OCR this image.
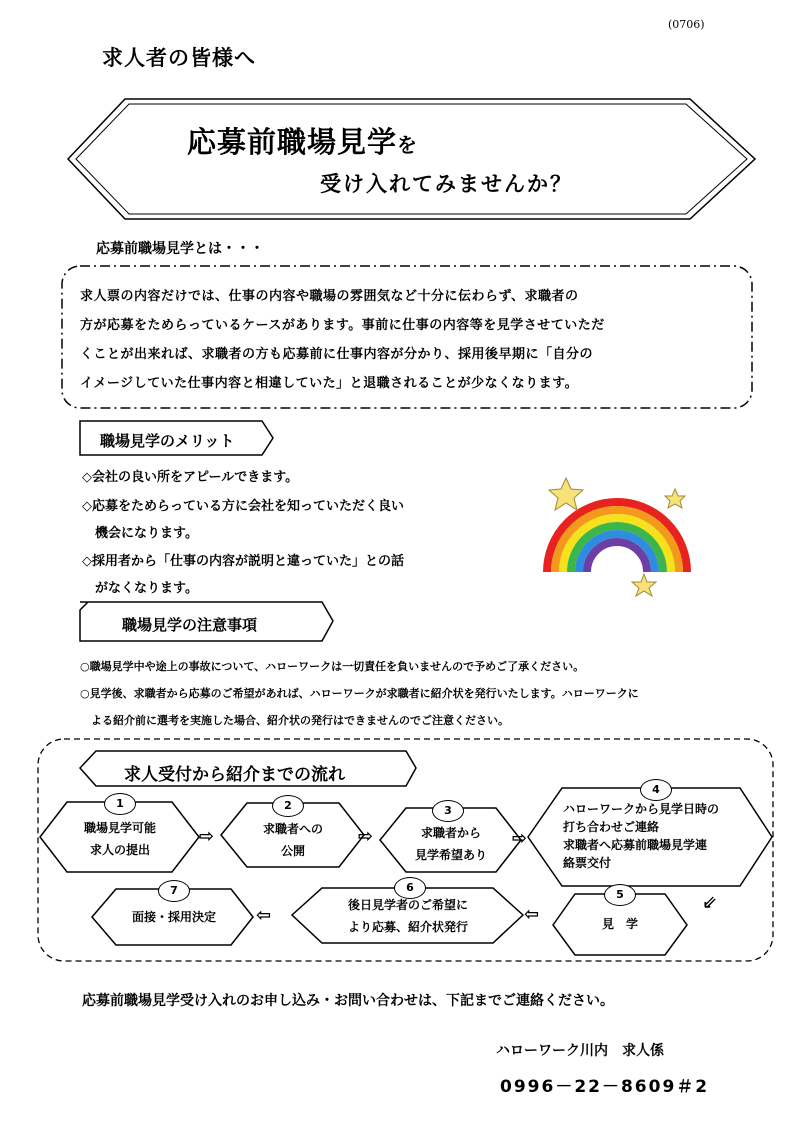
(0706)
求人者の皆様へ
応募前職場見学を
受け入れてみませんか？
応募前職場見学とは・・・
求人票の内容だけでは、仕事の内容や職場の雰囲気など十分に伝わらず、求職者の
方が応募をためらっているケースがあります。事前に仕事の内容等を見学させていただ
くことが出来れば、求職者の方も応募前に仕事内容が分かり、採用後早期に「自分の
イメージしていた仕事内容と相違していた」と退職されることが少なくなります。
職場見学のメリット
◇会社の良い所をアピールできます。
◇応募をためらっている方に会社を知っていただく良い
　機会になります。
◇採用者から「仕事の内容が説明と違っていた」との話
　がなくなります。
職場見学の注意事項
○職場見学中や途上の事故について、ハローワークは一切責任を負いませんので予めご了承ください。
○見学後、求職者から応募のご希望があれば、ハローワークが求職者に紹介状を発行いたします。ハローワークに
　よる紹介前に選考を実施した場合、紹介状の発行はできませんのでご注意ください。
求人受付から紹介までの流れ
1	2	3
4
5
6
7
職場見学可能
求人の提出
求職者への
公開
求職者から
見学希望あり
ハローワークから見学日時の
打ち合わせご連絡
求職者へ応募前職場見学連
絡票交付
見　学
後日見学者のご希望に
より応募、紹介状発行
面接・採用決定
⇨	⇨	⇨
⇙
⇦
⇦
応募前職場見学受け入れのお申し込み・お問い合わせは、下記までご連絡ください。
ハローワーク川内　求人係
0996－22－8609＃2
